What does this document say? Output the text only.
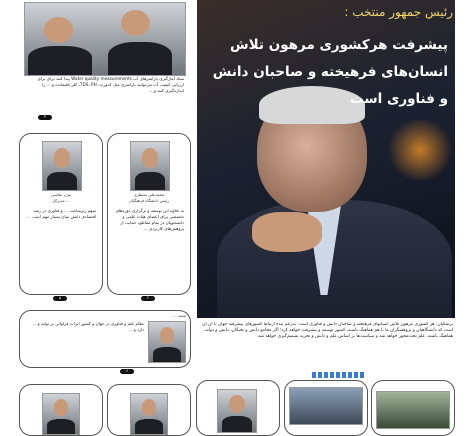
رئیس جمهور منتخب :
پیشرفت هرکشوری مرهون تلاش انسان‌های فرهیخته و صاحبان دانش و فناوری است
ستاد آمارگیری پارامترهای آب Water quality measurements پیدا کنند برای برای ارزیابی کیفیت آب می‌توانند پارامتری مثل کدورت، TDS، PH، کلر باقیمانده و ... را اندازه‌گیری کنند و ...
۳
محمدعلی منتظری
رئیس دانشگاه فرهنگیان
به علاوه این توسعه و برگزاری دوره‌های تخصصی برای اعضای هیات علمی و دانشجویان در تمام مقاطع، حمایت از پژوهش‌های کاربردی ...
۴
بیژن عباسی
مدیرکل ...
سهم زیرساخت ... و فناوری در رشد اقتصادی دانش بنیان بسیار مهم است ...
۵
مجید ...
نظام علم و فناوری در جهان و کشور اثرات فراوانی بر تولید و ... دارد و ...
۷
پزشکیان: هر کشوری مرهون تلاش انسانهای فرهیخته و صاحبان دانش و فناوری است. به‌زعم بنده ارتباط کشورهای پیشرفته جهان با آن ان است که دانشگاهیان و پژوهشگران ما با هم هماهنگ باشند، کشور توسعه و پیشرفت خواهد کرد؛ اگر مجامع دانش و نخبگان، دانش و دولت هماهنگ باشند، علم بحث‌محور خواهد شد و سیاست‌ها بر اساس علم و دانش و تجربه تصمیم‌گیری خواهد شد.
